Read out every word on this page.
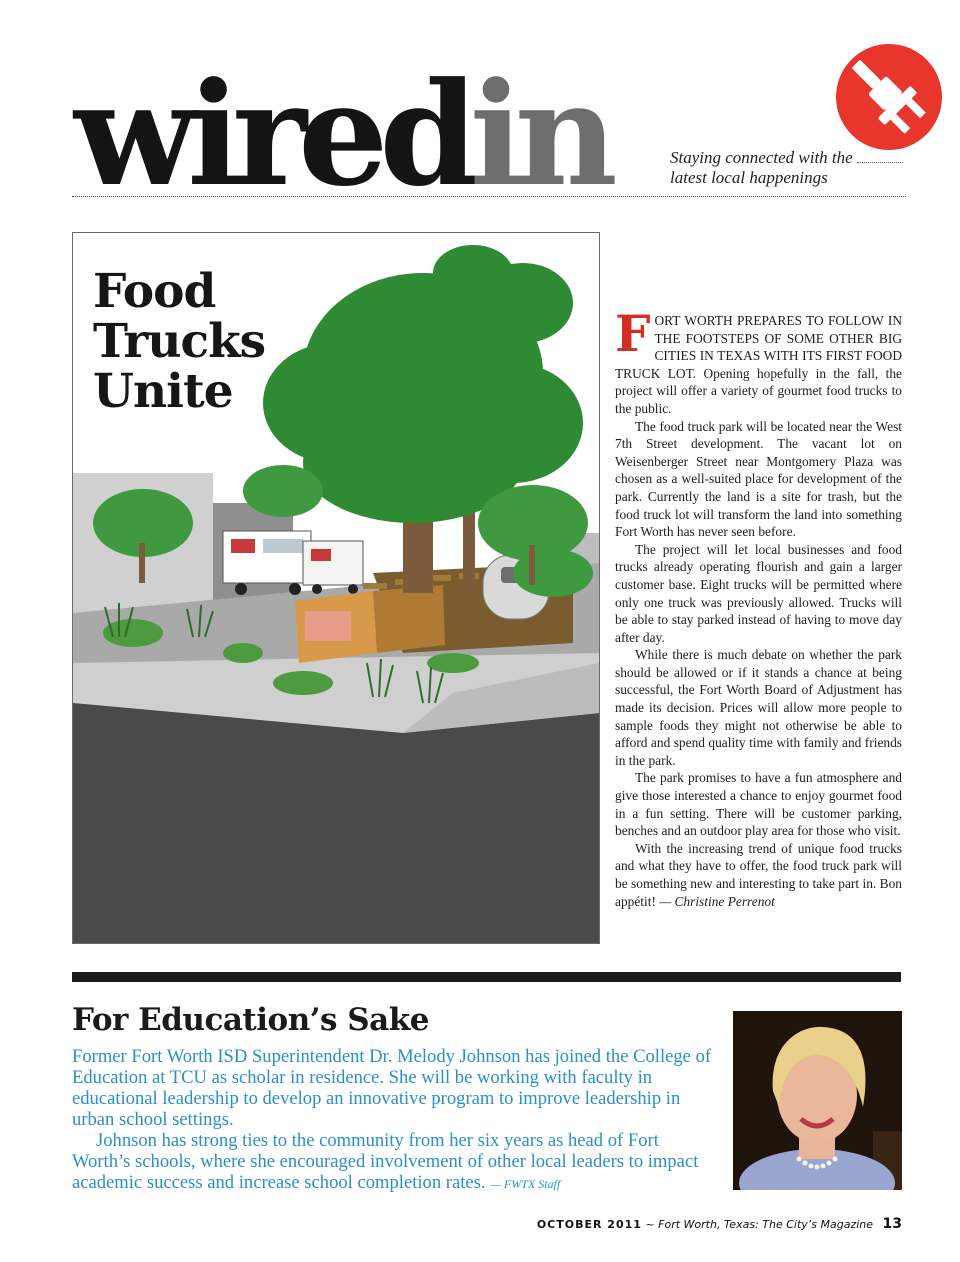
wiredin	Staying connected with the
latest local happenings
Food
Trucks
Unite

FORT WORTH PREPARES TO FOLLOW IN THE FOOTSTEPS OF SOME OTHER BIG CITIES IN TEXAS WITH ITS FIRST FOOD TRUCK LOT. Opening hopefully in the fall, the project will offer a variety of gourmet food trucks to the public.

The food truck park will be located near the West 7th Street development. The vacant lot on Weisenberger Street near Montgomery Plaza was chosen as a well-suited place for development of the park. Currently the land is a site for trash, but the food truck lot will transform the land into something Fort Worth has never seen before.

The project will let local businesses and food trucks already operating flourish and gain a larger customer base. Eight trucks will be permitted where only one truck was previously allowed. Trucks will be able to stay parked instead of having to move day after day.

While there is much debate on whether the park should be allowed or if it stands a chance at being successful, the Fort Worth Board of Adjustment has made its decision. Prices will allow more people to sample foods they might not otherwise be able to afford and spend quality time with family and friends in the park.

The park promises to have a fun atmosphere and give those interested a chance to enjoy gourmet food in a fun setting. There will be customer parking, benches and an outdoor play area for those who visit.

With the increasing trend of unique food trucks and what they have to offer, the food truck park will be something new and interesting to take part in. Bon appétit! — Christine Perrenot

For Education’s Sake

Former Fort Worth ISD Superintendent Dr. Melody Johnson has joined the College of Education at TCU as scholar in residence. She will be working with faculty in educational leadership to develop an innovative program to improve leadership in urban school settings.

Johnson has strong ties to the community from her six years as head of Fort Worth’s schools, where she encouraged involvement of other local leaders to impact academic success and increase school completion rates. — FWTX Staff

OCTOBER 2011 ~ Fort Worth, Texas: The City’s Magazine 13
